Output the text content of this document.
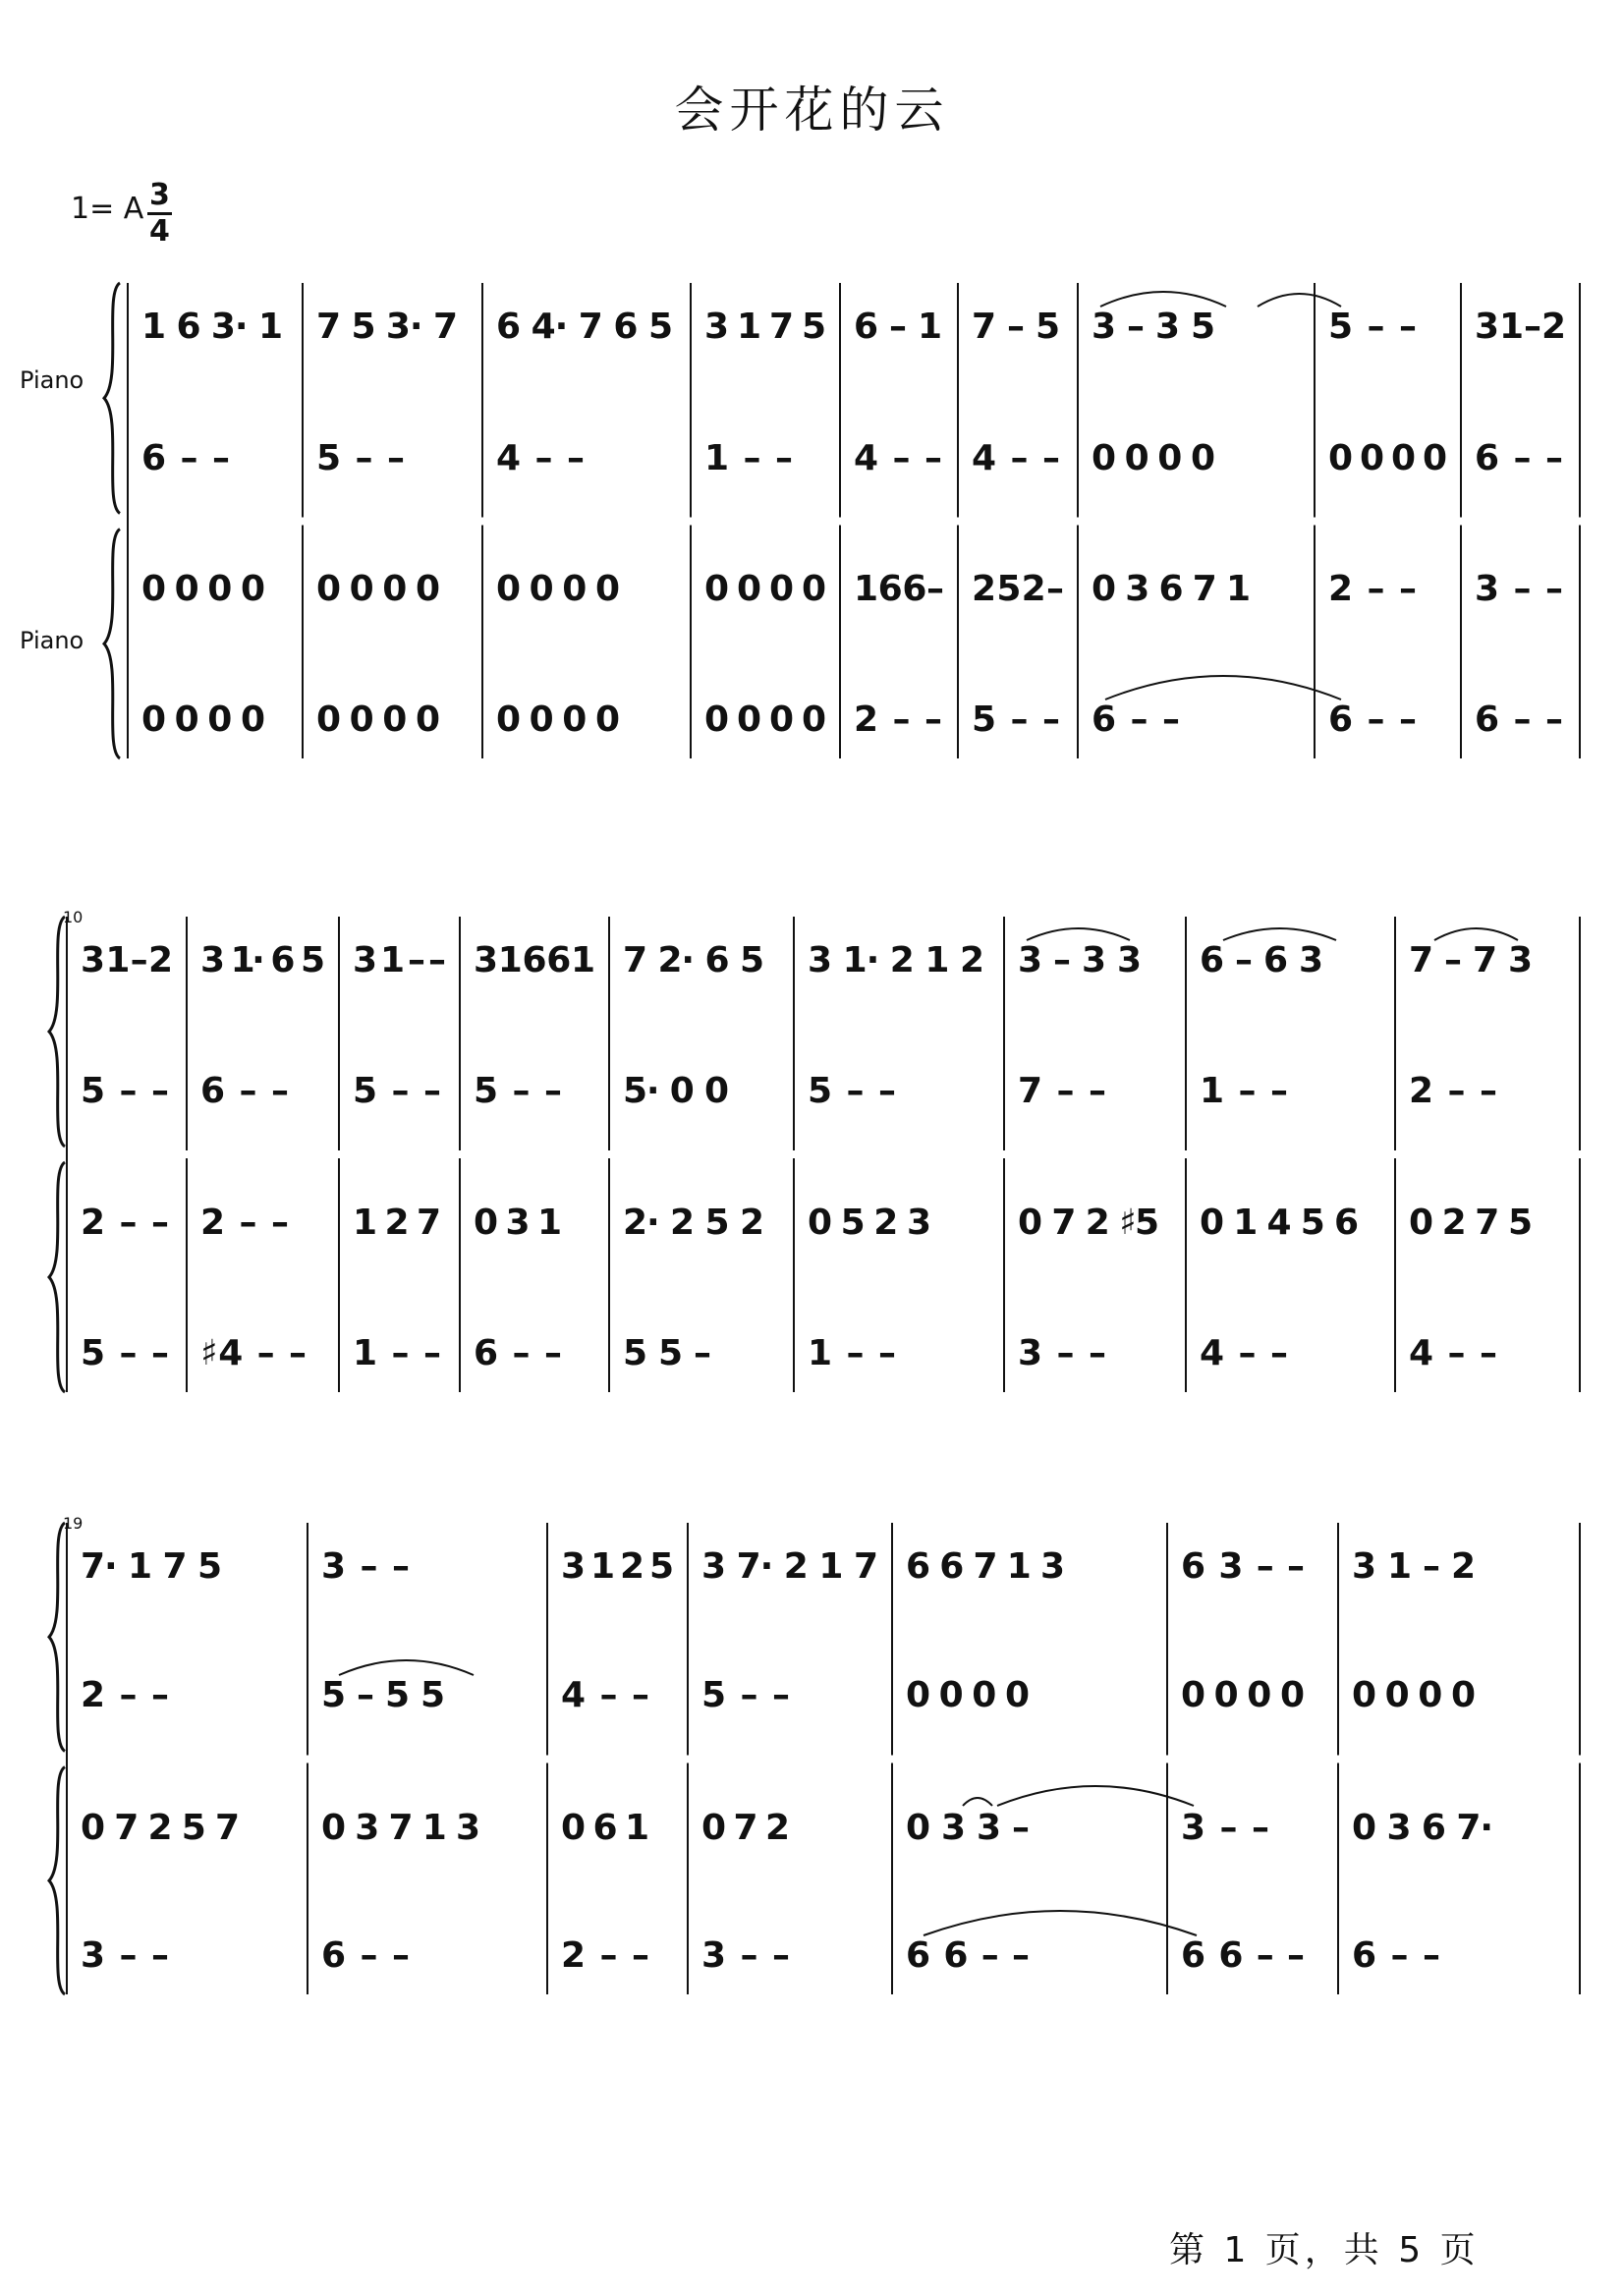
会开花的云
1= A 3
4
Piano
Piano
1 6 3· 1
6 – –
0 0 0 0
0 0 0 0
7 5 3· 7
5 – –
0 0 0 0
0 0 0 0
6 4· 7 6 5
4 – –
0 0 0 0
0 0 0 0
3 1 7 5
1 – –
0 0 0 0
0 0 0 0
6 – 1
4 – –
1 6 6 –
2 – –
7 – 5
4 – –
2 5 2 –
5 – –
3 – 3 5
0 0 0 0
0 3 6 7 1
6 – –
5 – –
0 0 0 0
2 – –
6 – –
3 1 – 2
6 – –
3 – –
6 – –
10
3 1 – 2
5 – –
2 – –
5 – –
3 1· 6 5
6 – –
2 – –
♯4 – –
3 1 – –
5 – –
1 2 7
1 – –
3 1 6 6 1
5 – –
0 3 1
6 – –
7 2· 6 5
5· 0 0
2· 2 5 2
5 5 –
3 1· 2 1 2
5 – –
0 5 2 3
1 – –
3 – 3 3
7 – –
0 7 2 ♯5
3 – –
6 – 6 3
1 – –
0 1 4 5 6
4 – –
7 – 7 3
2 – –
0 2 7 5
4 – –
19
7· 1 7 5
2 – –
0 7 2 5 7
3 – –
3 – –
5 – 5 5
0 3 7 1 3
6 – –
3 1 2 5
4 – –
0 6 1
2 – –
3 7· 2 1 7
5 – –
0 7 2
3 – –
6 6 7 1 3
0 0 0 0
0 3 3 –
6 6 – –
6 3 – –
0 0 0 0
3 – –
6 6 – –
3 1 – 2
0 0 0 0
0 3 6 7·
6 – –
第 1 页，共 5 页
